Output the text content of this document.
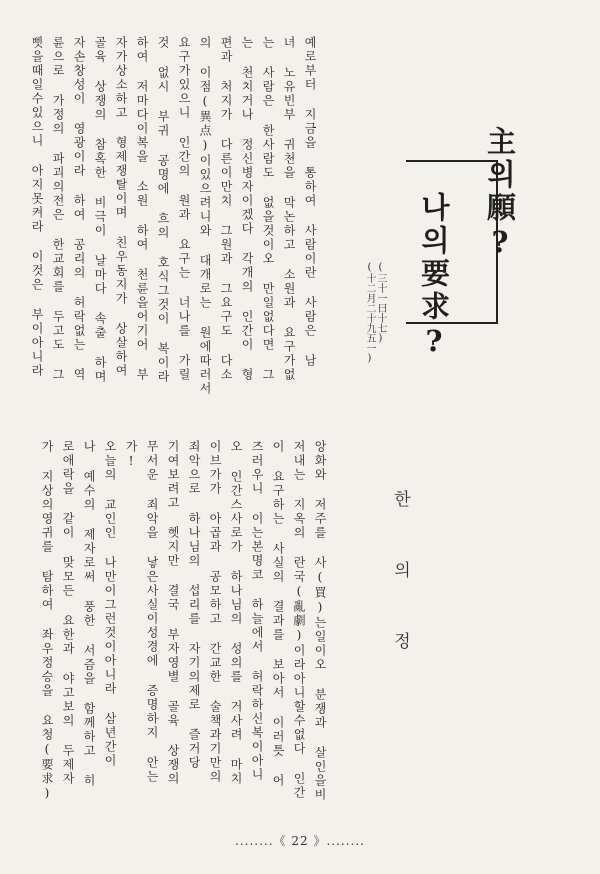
主의願?
나의要求?
(三十一曰十七)
(十二月二十九五一)
한의정
예로부터 지금을 통하여 사람이란 사람은 남
녀 노유빈부 귀천을 막논하고 소원과 요구가없
는 사람은 한사람도 없을것이오 만일없다면 그
는 천치거나 정신병자이겠다 각개의 인간이 형
편과 처지가 다른이만치 그원과 그요구도 다소
의 이점(異点)이있으려니와 대개로는 원에따러서
요구가있으니 인간의 원과 요구는 너나를 가릴
것 없시 부귀 공명에 흐의 호식그것이 복이라
하여 저마다이복을 소원 하여 천륜을어기어 부
자가상소하고 형제쟁탈이며 친우동지가 상살하여
골육 상쟁의 참혹한 비극이 날마다 속출 하며
자손창성이 영광이라 하여 공리의 허락없는 역
륜으로 가정의 파괴의전은 한교회를 두고도 그
삣을때일수있으니 아지못켜라 이것은 부이아니라
앙화와 저주를 사(買)는일이오 분쟁과 살인을비
저내는 지옥의 란국(亂劇)이라아니할수없다 인간
이 요구하는 사실의 결과를 보아서 이러틋 어
즈러우니 이는본명코 하늘에서 허락하신복이아니
오 인간스사로가 하나님의 성의를 거사려 마치
이브가가 아곱과 공모하고 간교한 술책과기만의
죄악으로 하나님의 섭리를 자기의제로 즐거당
기여보려고 헷지만 결국 부자영별 골육 상쟁의
무서운 죄악을 낳은사실이성경에 증명하지 안는
가!
오늘의 교인인 나만이그런것이아니라 삼년간이
나 예수의 제자로써 풍한 서즘을 함께하고 히
로애락을 같이 맞모든 요한과 야고보의 두제자
가 지상의영귀를 탐하여 좌우정승을 요청(要求)
........《 22 》........
